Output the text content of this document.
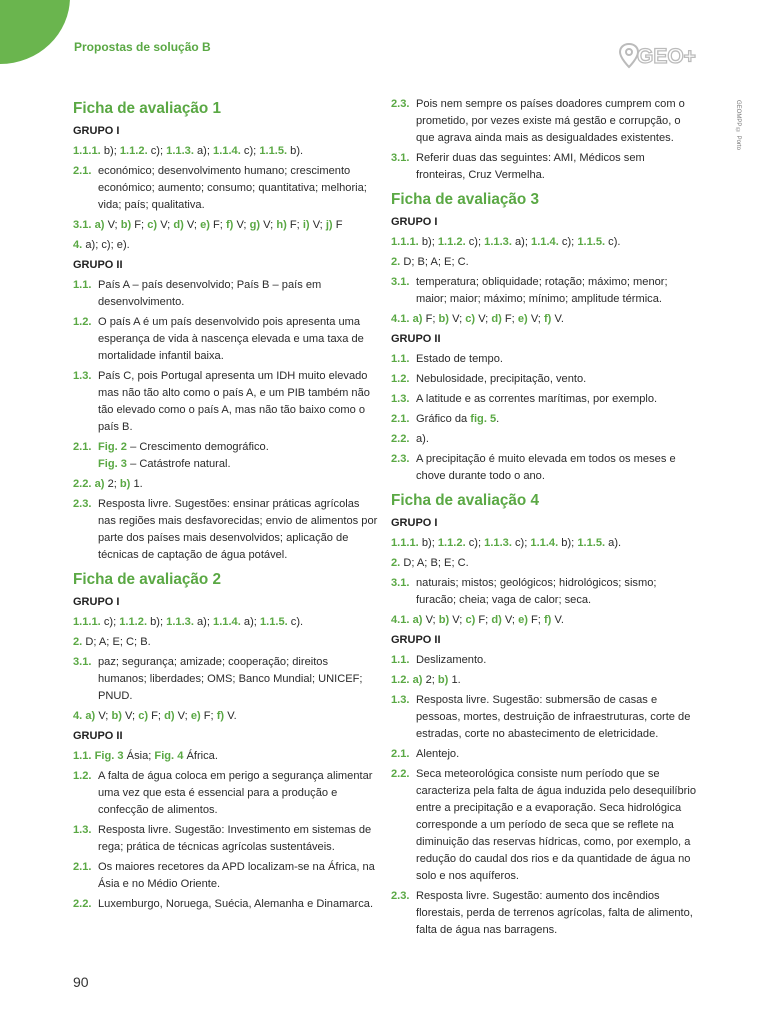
Propostas de solução B	GEO+
GEOMPP © Porto
90
Ficha de avaliação 1
GRUPO I
1.1.1. b); 1.1.2. c); 1.1.3. a); 1.1.4. c); 1.1.5. b).
2.1. económico; desenvolvimento humano; crescimento económico; aumento; consumo; quantitativa; melhoria; vida; país; qualitativa.
3.1. a) V; b) F; c) V; d) V; e) F; f) V; g) V; h) F; i) V; j) F
4. a); c); e).
GRUPO II
1.1. País A – país desenvolvido; País B – país em desenvolvimento.
1.2. O país A é um país desenvolvido pois apresenta uma esperança de vida à nascença elevada e uma taxa de mortalidade infantil baixa.
1.3. País C, pois Portugal apresenta um IDH muito elevado mas não tão alto como o país A, e um PIB também não tão elevado como o país A, mas não tão baixo como o país B.
2.1. Fig. 2 – Crescimento demográfico.
Fig. 3 – Catástrofe natural.
2.2. a) 2; b) 1.
2.3. Resposta livre. Sugestões: ensinar práticas agrícolas nas regiões mais desfavorecidas; envio de alimentos por parte dos países mais desenvolvidos; aplicação de técnicas de captação de água potável.
Ficha de avaliação 2
GRUPO I
1.1.1. c); 1.1.2. b); 1.1.3. a); 1.1.4. a); 1.1.5. c).
2. D; A; E; C; B.
3.1. paz; segurança; amizade; cooperação; direitos humanos; liberdades; OMS; Banco Mundial; UNICEF; PNUD.
4. a) V; b) V; c) F; d) V; e) F; f) V.
GRUPO II
1.1. Fig. 3 Ásia; Fig. 4 África.
1.2. A falta de água coloca em perigo a segurança alimentar uma vez que esta é essencial para a produção e confecção de alimentos.
1.3. Resposta livre. Sugestão: Investimento em sistemas de rega; prática de técnicas agrícolas sustentáveis.
2.1. Os maiores recetores da APD localizam-se na África, na Ásia e no Médio Oriente.
2.2. Luxemburgo, Noruega, Suécia, Alemanha e Dinamarca.
2.3. Pois nem sempre os países doadores cumprem com o prometido, por vezes existe má gestão e corrupção, o que agrava ainda mais as desigualdades existentes.
3.1. Referir duas das seguintes: AMI, Médicos sem fronteiras, Cruz Vermelha.
Ficha de avaliação 3
GRUPO I
1.1.1. b); 1.1.2. c); 1.1.3. a); 1.1.4. c); 1.1.5. c).
2. D; B; A; E; C.
3.1. temperatura; obliquidade; rotação; máximo; menor; maior; maior; máximo; mínimo; amplitude térmica.
4.1. a) F; b) V; c) V; d) F; e) V; f) V.
GRUPO II
1.1. Estado de tempo.
1.2. Nebulosidade, precipitação, vento.
1.3. A latitude e as correntes marítimas, por exemplo.
2.1. Gráfico da fig. 5.
2.2. a).
2.3. A precipitação é muito elevada em todos os meses e chove durante todo o ano.
Ficha de avaliação 4
GRUPO I
1.1.1. b); 1.1.2. c); 1.1.3. c); 1.1.4. b); 1.1.5. a).
2. D; A; B; E; C.
3.1. naturais; mistos; geológicos; hidrológicos; sismo; furacão; cheia; vaga de calor; seca.
4.1. a) V; b) V; c) F; d) V; e) F; f) V.
GRUPO II
1.1. Deslizamento.
1.2. a) 2; b) 1.
1.3. Resposta livre. Sugestão: submersão de casas e pessoas, mortes, destruição de infraestruturas, corte de estradas, corte no abastecimento de eletricidade.
2.1. Alentejo.
2.2. Seca meteorológica consiste num período que se caracteriza pela falta de água induzida pelo desequilíbrio entre a precipitação e a evaporação. Seca hidrológica corresponde a um período de seca que se reflete na diminuição das reservas hídricas, como, por exemplo, a redução do caudal dos rios e da quantidade de água no solo e nos aquíferos.
2.3. Resposta livre. Sugestão: aumento dos incêndios florestais, perda de terrenos agrícolas, falta de alimento, falta de água nas barragens.
